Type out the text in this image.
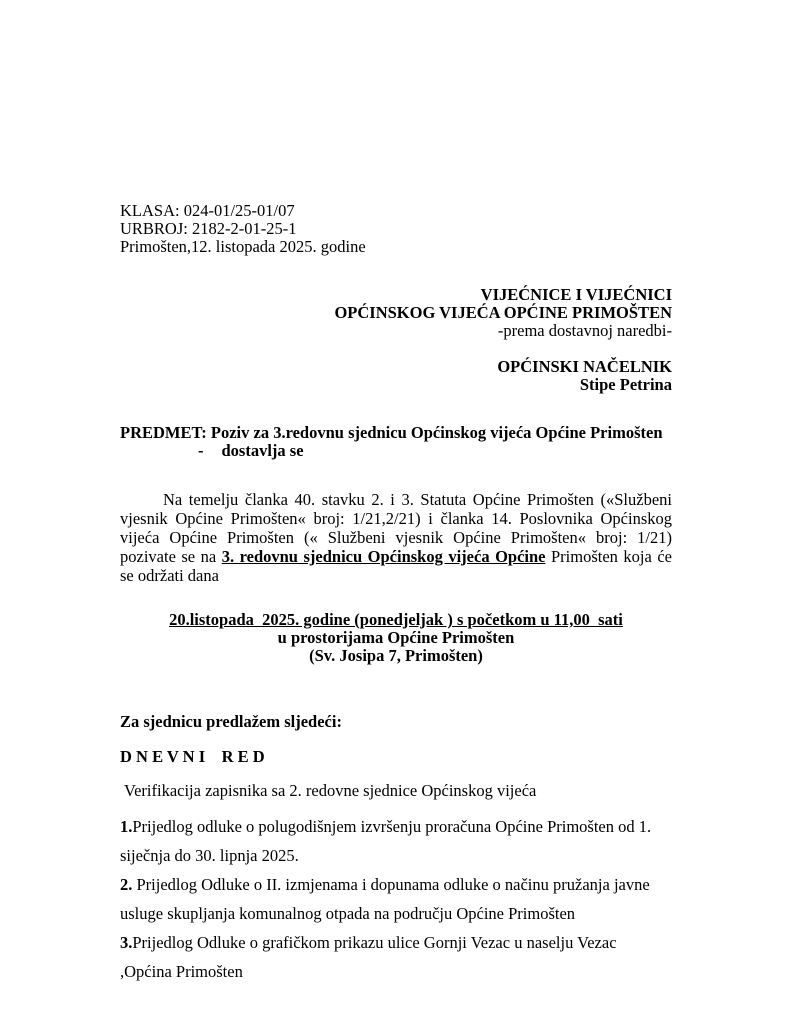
KLASA: 024-01/25-01/07
URBROJ: 2182-2-01-25-1
Primošten,12. listopada 2025. godine
VIJEĆNICE I VIJEĆNICI
OPĆINSKOG VIJEĆA OPĆINE PRIMOŠTEN
-prema dostavnoj naredbi-
OPĆINSKI NAČELNIK
Stipe Petrina
PREDMET: Poziv za 3.redovnu sjednicu Općinskog vijeća Općine Primošten
- dostavlja se

Na temelju članka 40. stavku 2. i 3. Statuta Općine Primošten («Službeni vjesnik Općine Primošten« broj: 1/21,2/21) i članka 14. Poslovnika Općinskog vijeća Općine Primošten (« Službeni vjesnik Općine Primošten« broj: 1/21) pozivate se na 3. redovnu sjednicu Općinskog vijeća Općine Primošten koja će se održati dana

20.listopada  2025. godine (ponedjeljak ) s početkom u 11,00  sati
u prostorijama Općine Primošten
(Sv. Josipa 7, Primošten)
Za sjednicu predlažem sljedeći:
D N E V N I    R E D
Verifikacija zapisnika sa 2. redovne sjednice Općinskog vijeća

1.Prijedlog odluke o polugodišnjem izvršenju proračuna Općine Primošten od 1. siječnja do 30. lipnja 2025.

2. Prijedlog Odluke o II. izmjenama i dopunama odluke o načinu pružanja javne usluge skupljanja komunalnog otpada na području Općine Primošten

3.Prijedlog Odluke o grafičkom prikazu ulice Gornji Vezac u naselju Vezac ,Općina Primošten
